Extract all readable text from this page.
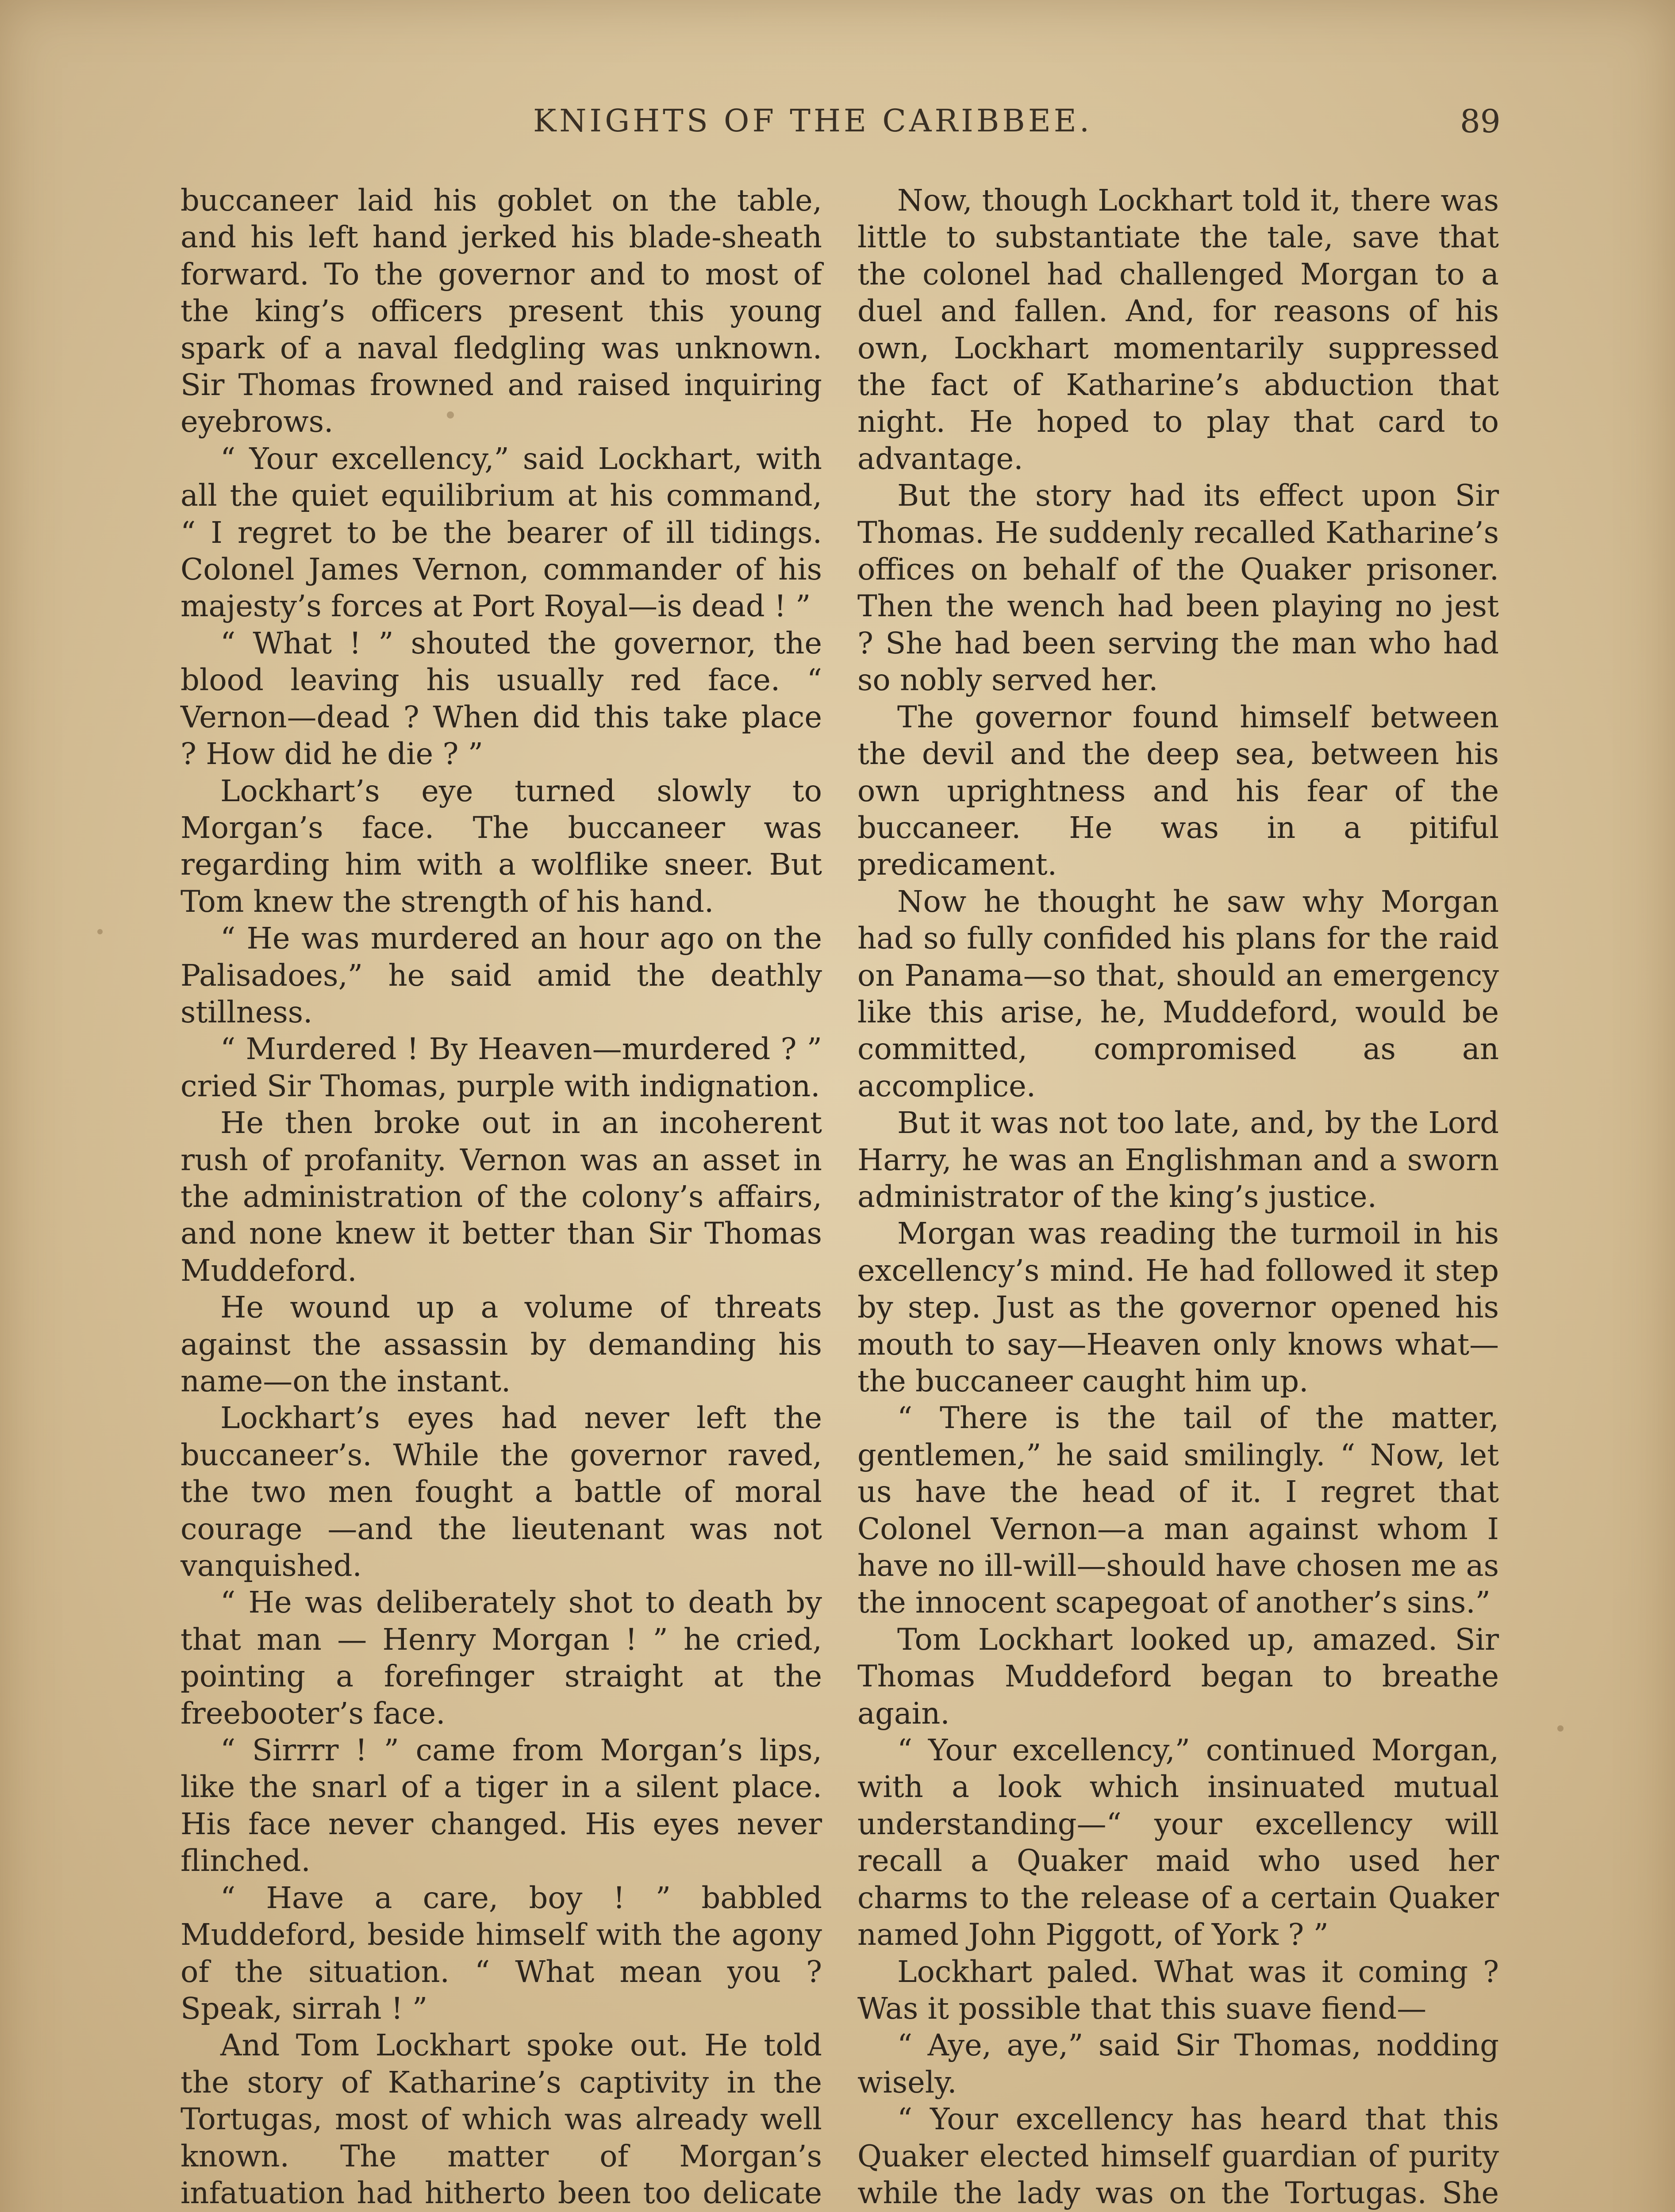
KNIGHTS OF THE CARIBBEE.	89

buccaneer laid his goblet on the table, and his left hand jerked his blade-sheath forward. To the governor and to most of the king’s officers present this young spark of a naval fledgling was unknown. Sir Thomas frowned and raised inquiring eyebrows.

“ Your excellency,” said Lockhart, with all the quiet equilibrium at his command, “ I regret to be the bearer of ill tidings. Colonel James Vernon, commander of his majesty’s forces at Port Royal—is dead ! ”

“ What ! ” shouted the governor, the blood leaving his usually red face. “ Vernon—dead ? When did this take place ? How did he die ? ”

Lockhart’s eye turned slowly to Morgan’s face. The buccaneer was regarding him with a wolflike sneer. But Tom knew the strength of his hand.

“ He was murdered an hour ago on the Palisadoes,” he said amid the deathly stillness.

“ Murdered ! By Heaven—murdered ? ” cried Sir Thomas, purple with indignation.

He then broke out in an incoherent rush of profanity. Vernon was an asset in the administration of the colony’s affairs, and none knew it better than Sir Thomas Muddeford.

He wound up a volume of threats against the assassin by demanding his name—on the instant.

Lockhart’s eyes had never left the buccaneer’s. While the governor raved, the two men fought a battle of moral courage —and the lieutenant was not vanquished.

“ He was deliberately shot to death by that man — Henry Morgan ! ” he cried, pointing a forefinger straight at the freebooter’s face.

“ Sirrrr ! ” came from Morgan’s lips, like the snarl of a tiger in a silent place. His face never changed. His eyes never flinched.

“ Have a care, boy ! ” babbled Muddeford, beside himself with the agony of the situation. “ What mean you ? Speak, sirrah ! ”

And Tom Lockhart spoke out. He told the story of Katharine’s captivity in the Tortugas, most of which was already well known. The matter of Morgan’s infatuation had hitherto been too delicate

Now, though Lockhart told it, there was little to substantiate the tale, save that the colonel had challenged Morgan to a duel and fallen. And, for reasons of his own, Lockhart momentarily suppressed the fact of Katharine’s abduction that night. He hoped to play that card to advantage.

But the story had its effect upon Sir Thomas. He suddenly recalled Katharine’s offices on behalf of the Quaker prisoner. Then the wench had been playing no jest ? She had been serving the man who had so nobly served her.

The governor found himself between the devil and the deep sea, between his own uprightness and his fear of the buccaneer. He was in a pitiful predicament.

Now he thought he saw why Morgan had so fully confided his plans for the raid on Panama—so that, should an emergency like this arise, he, Muddeford, would be committed, compromised as an accomplice.

But it was not too late, and, by the Lord Harry, he was an Englishman and a sworn administrator of the king’s justice.

Morgan was reading the turmoil in his excellency’s mind. He had followed it step by step. Just as the governor opened his mouth to say—Heaven only knows what—the buccaneer caught him up.

“ There is the tail of the matter, gentlemen,” he said smilingly. “ Now, let us have the head of it. I regret that Colonel Vernon—a man against whom I have no ill-will—should have chosen me as the innocent scapegoat of another’s sins.”

Tom Lockhart looked up, amazed. Sir Thomas Muddeford began to breathe again.

“ Your excellency,” continued Morgan, with a look which insinuated mutual understanding—“ your excellency will recall a Quaker maid who used her charms to the release of a certain Quaker named John Piggott, of York ? ”

Lockhart paled. What was it coming ? Was it possible that this suave fiend—

“ Aye, aye,” said Sir Thomas, nodding wisely.

“ Your excellency has heard that this Quaker elected himself guardian of purity while the lady was on the Tortugas. She
